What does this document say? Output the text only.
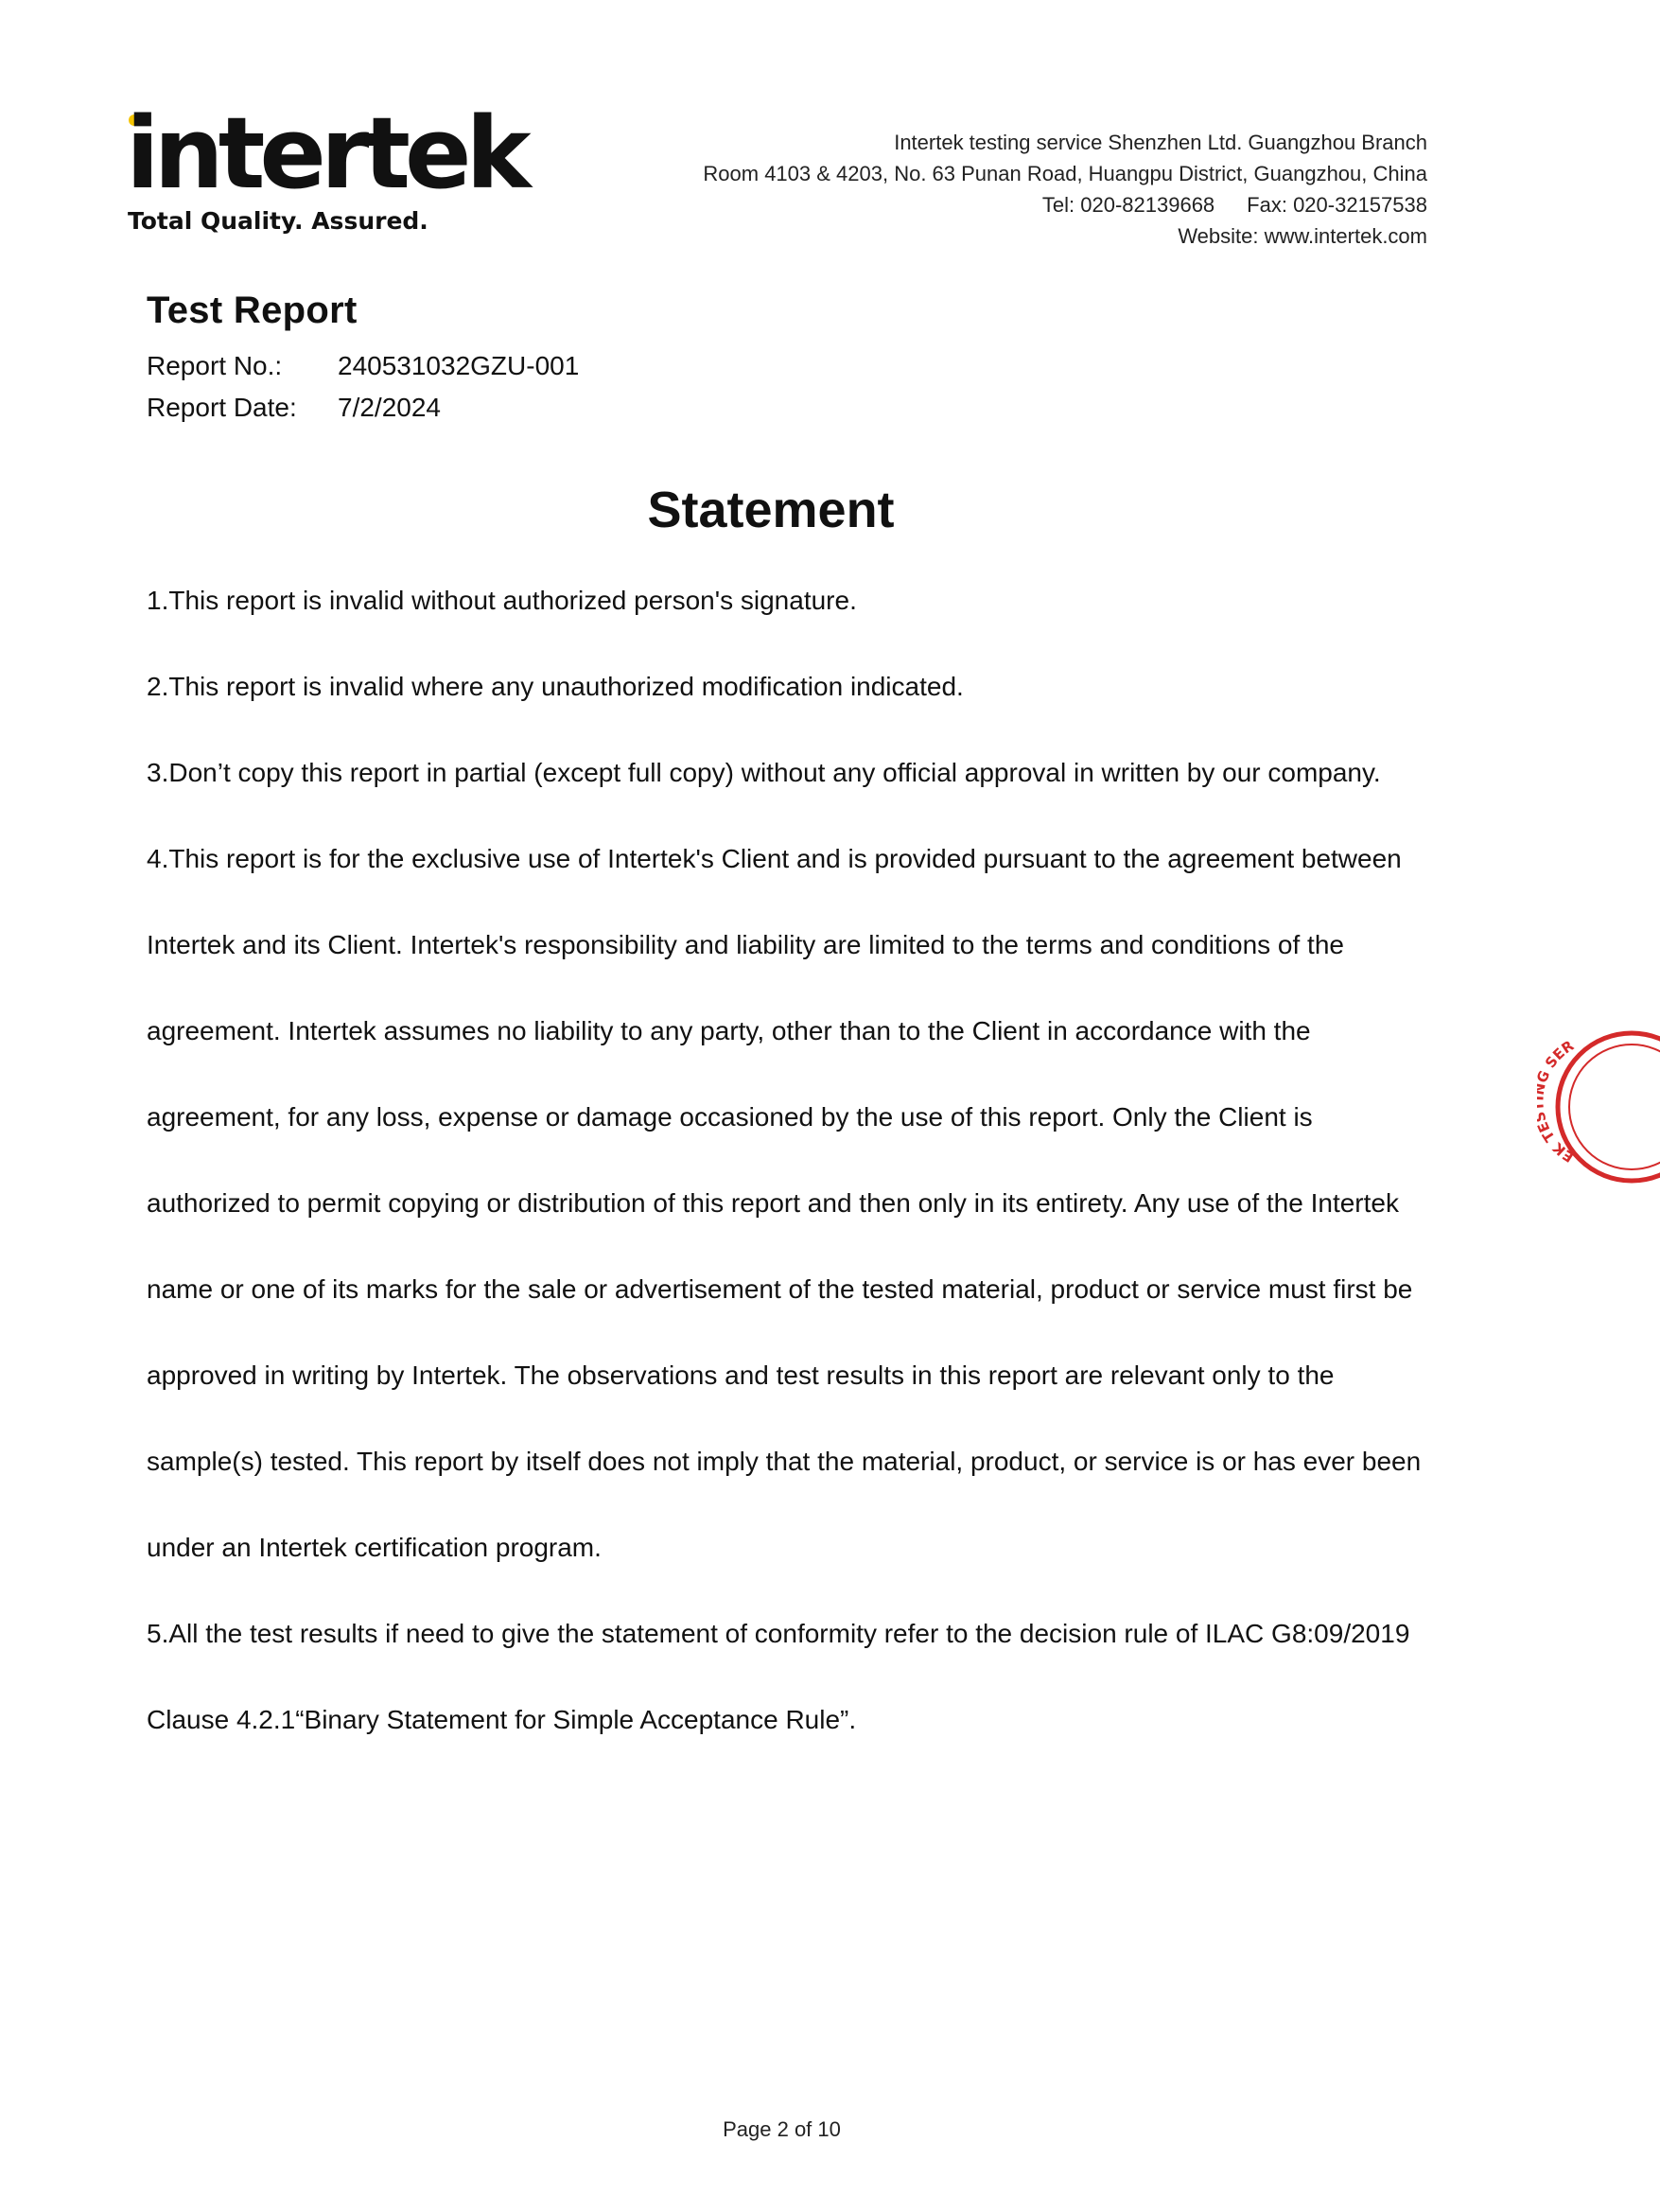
intertek
Total Quality. Assured.
Intertek testing service Shenzhen Ltd. Guangzhou Branch
Room 4103 & 4203, No. 63 Punan Road, Huangpu District, Guangzhou, China
Tel: 020-82139668 Fax: 020-32157538
Website: www.intertek.com
Test Report
Report No.:	240531032GZU-001
Report Date:	7/2/2024
Statement

1.This report is invalid without authorized person's signature.

2.This report is invalid where any unauthorized modification indicated.

3.Don’t copy this report in partial (except full copy) without any official approval in written by our company.

4.This report is for the exclusive use of Intertek's Client and is provided pursuant to the agreement between Intertek and its Client. Intertek's responsibility and liability are limited to the terms and conditions of the agreement. Intertek assumes no liability to any party, other than to the Client in accordance with the agreement, for any loss, expense or damage occasioned by the use of this report. Only the Client is authorized to permit copying or distribution of this report and then only in its entirety. Any use of the Intertek name or one of its marks for the sale or advertisement of the tested material, product or service must first be approved in writing by Intertek. The observations and test results in this report are relevant only to the sample(s) tested. This report by itself does not imply that the material, product, or service is or has ever been under an Intertek certification program.

5.All the test results if need to give the statement of conformity refer to the decision rule of ILAC G8:09/2019 Clause 4.2.1“Binary Statement for Simple Acceptance Rule”.

EK T SER
Page 2 of 10
